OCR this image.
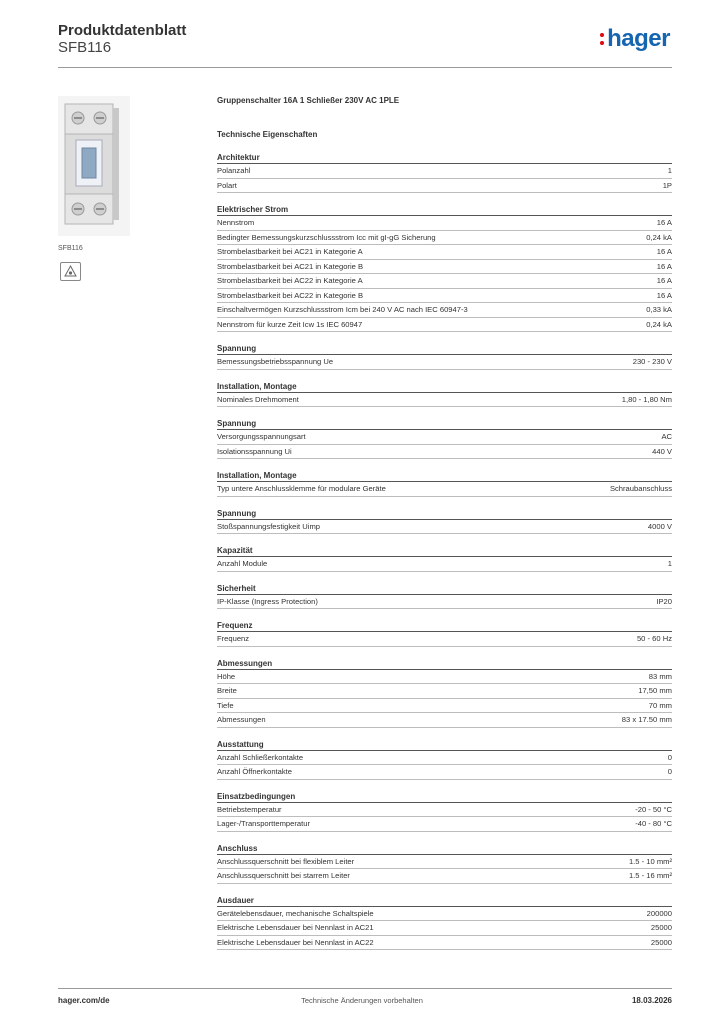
Produktdatenblatt
SFB116	hager
SFB116
Gruppenschalter 16A 1 Schließer 230V AC 1PLE
Technische Eigenschaften
Architektur
Polanzahl	1
Polart	1P
Elektrischer Strom
Nennstrom	16 A
Bedingter Bemessungskurzschlussstrom Icc mit gI-gG Sicherung	0,24 kA
Strombelastbarkeit bei AC21 in Kategorie A	16 A
Strombelastbarkeit bei AC21 in Kategorie B	16 A
Strombelastbarkeit bei AC22 in Kategorie A	16 A
Strombelastbarkeit bei AC22 in Kategorie B	16 A
Einschaltvermögen Kurzschlussstrom Icm bei 240 V AC nach IEC 60947-3	0,33 kA
Nennstrom für kurze Zeit Icw 1s IEC 60947	0,24 kA
Spannung
Bemessungsbetriebsspannung Ue	230 - 230 V
Installation, Montage
Nominales Drehmoment	1,80 - 1,80 Nm
Spannung
Versorgungsspannungsart	AC
Isolationsspannung Ui	440 V
Installation, Montage
Typ untere Anschlussklemme für modulare Geräte	Schraubanschluss
Spannung
Stoßspannungsfestigkeit Uimp	4000 V
Kapazität
Anzahl Module	1
Sicherheit
IP-Klasse (Ingress Protection)	IP20
Frequenz
Frequenz	50 - 60 Hz
Abmessungen
Höhe	83 mm
Breite	17,50 mm
Tiefe	70 mm
Abmessungen	83 x 17.50 mm
Ausstattung
Anzahl Schließerkontakte	0
Anzahl Öffnerkontakte	0
Einsatzbedingungen
Betriebstemperatur	-20 - 50 °C
Lager-/Transporttemperatur	-40 - 80 °C
Anschluss
Anschlussquerschnitt bei flexiblem Leiter	1.5 - 10 mm²
Anschlussquerschnitt bei starrem Leiter	1.5 - 16 mm²
Ausdauer
Gerätelebensdauer, mechanische Schaltspiele	200000
Elektrische Lebensdauer bei Nennlast in AC21	25000
Elektrische Lebensdauer bei Nennlast in AC22	25000
hager.com/de	Technische Änderungen vorbehalten	18.03.2026
